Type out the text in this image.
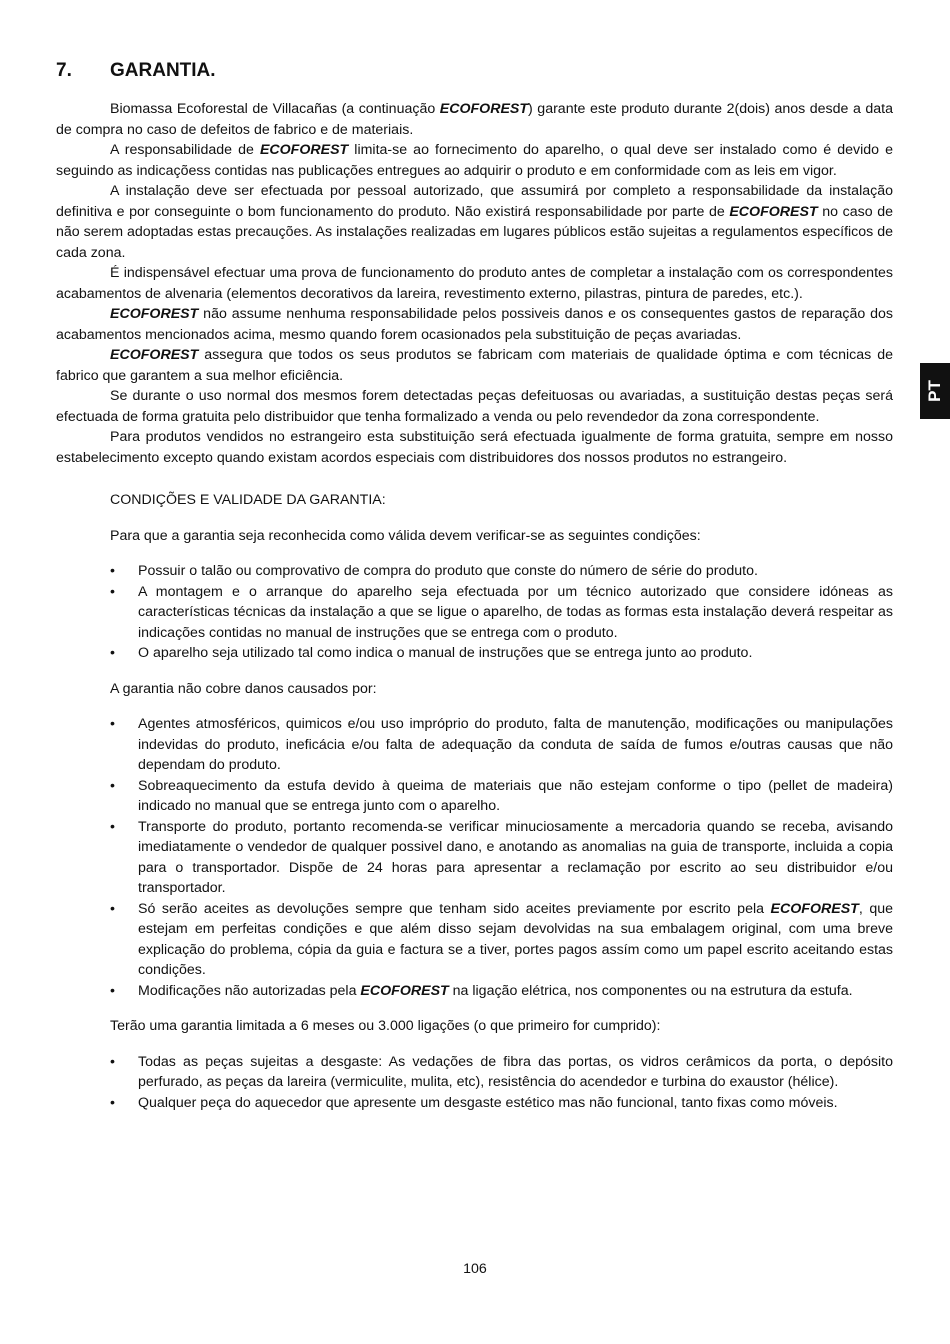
7. GARANTIA.

Biomassa Ecoforestal de Villacañas (a continuação ECOFOREST) garante este produto durante 2(dois) anos desde a data de compra no caso de defeitos de fabrico e de materiais.

A responsabilidade de ECOFOREST limita-se ao fornecimento do aparelho, o qual deve ser instalado como é devido e seguindo as indicaçõess contidas nas publicações entregues ao adquirir o produto e em conformidade com as leis em vigor.

A instalação deve ser efectuada por pessoal autorizado, que assumirá por completo a responsabilidade da instalação definitiva e por conseguinte o bom funcionamento do produto. Não existirá responsabilidade por parte de ECOFOREST no caso de não serem adoptadas estas precauções. As instalações realizadas em lugares públicos estão sujeitas a regulamentos específicos de cada zona.

É indispensável efectuar uma prova de funcionamento do produto antes de completar a instalação com os correspondentes acabamentos de alvenaria (elementos decorativos da lareira, revestimento externo, pilastras, pintura de paredes, etc.).

ECOFOREST não assume nenhuma responsabilidade pelos possiveis danos e os consequentes gastos de reparação dos acabamentos mencionados acima, mesmo quando forem ocasionados pela substituição de peças avariadas.

ECOFOREST assegura que todos os seus produtos se fabricam com materiais de qualidade óptima e com técnicas de fabrico que garantem a sua melhor eficiência.

Se durante o uso normal dos mesmos forem detectadas peças defeituosas ou avariadas, a sustituição destas peças será efectuada de forma gratuita pelo distribuidor que tenha formalizado a venda ou pelo revendedor da zona correspondente.

Para produtos vendidos no estrangeiro esta substituição será efectuada igualmente de forma gratuita, sempre em nosso estabelecimento excepto quando existam acordos especiais com distribuidores dos nossos produtos no estrangeiro.

CONDIÇÕES E VALIDADE DA GARANTIA:

Para que a garantia seja reconhecida como válida devem verificar-se as seguintes condições:

• Possuir o talão ou comprovativo de compra do produto que conste do número de série do produto.
• A montagem e o arranque do aparelho seja efectuada por um técnico autorizado que considere idóneas as características técnicas da instalação a que se ligue o aparelho, de todas as formas esta instalação deverá respeitar as indicações contidas no manual de instruções que se entrega com o produto.
• O aparelho seja utilizado tal como indica o manual de instruções que se entrega junto ao produto.

A garantia não cobre danos causados por:

• Agentes atmosféricos, quimicos e/ou uso impróprio do produto, falta de manutenção, modificações ou manipulações indevidas do produto, ineficácia e/ou falta de adequação da conduta de saída de fumos e/outras causas que não dependam do produto.
• Sobreaquecimento da estufa devido à queima de materiais que não estejam conforme o tipo (pellet de madeira) indicado no manual que se entrega junto com o aparelho.
• Transporte do produto, portanto recomenda-se verificar minuciosamente a mercadoria quando se receba, avisando imediatamente o vendedor de qualquer possivel dano, e anotando as anomalias na guia de transporte, incluida a copia para o transportador. Dispõe de 24 horas para apresentar a reclamação por escrito ao seu distribuidor e/ou transportador.
• Só serão aceites as devoluções sempre que tenham sido aceites previamente por escrito pela ECOFOREST, que estejam em perfeitas condições e que além disso sejam devolvidas na sua embalagem original, com uma breve explicação do problema, cópia da guia e factura se a tiver, portes pagos assím como um papel escrito aceitando estas condições.
• Modificações não autorizadas pela ECOFOREST na ligação elétrica, nos componentes ou na estrutura da estufa.

Terão uma garantia limitada a 6 meses ou 3.000 ligações (o que primeiro for cumprido):

• Todas as peças sujeitas a desgaste: As vedações de fibra das portas, os vidros cerâmicos da porta, o depósito perfurado, as peças da lareira (vermiculite, mulita, etc), resistência do acendedor e turbina do exaustor (hélice).
• Qualquer peça do aquecedor que apresente um desgaste estético mas não funcional, tanto fixas como móveis.
PT
106
